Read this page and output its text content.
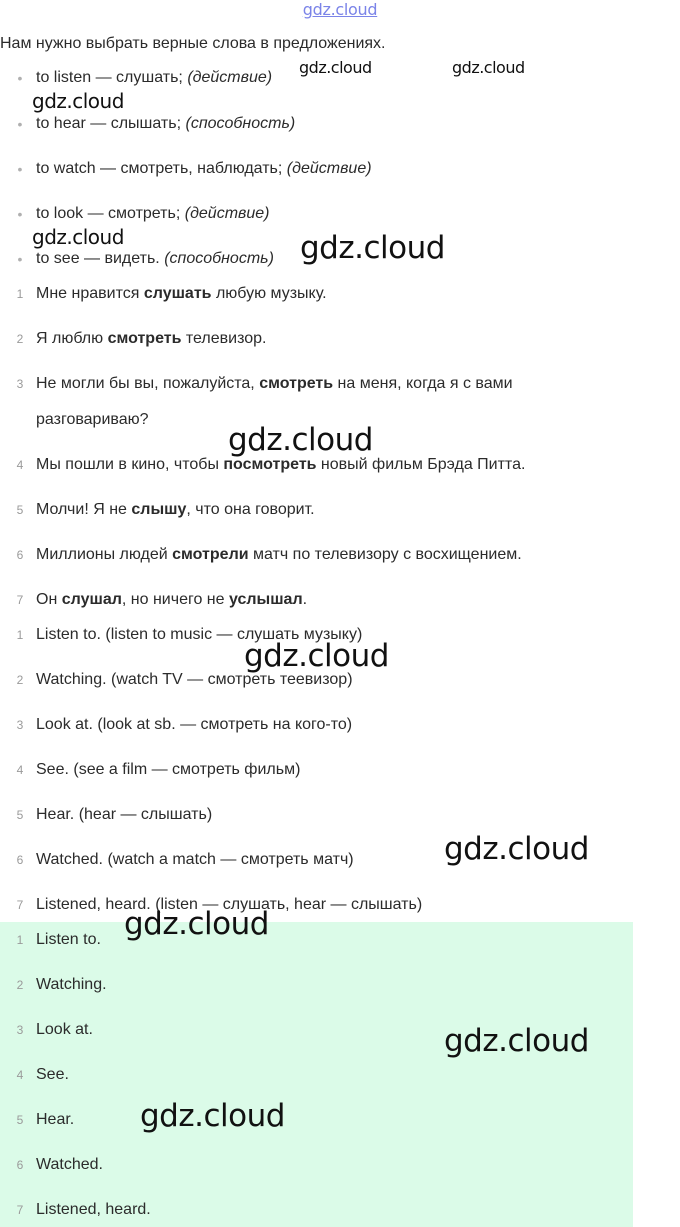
gdz.cloud
Нам нужно выбрать верные слова в предложениях.
• to listen — слушать; (действие)
• to hear — слышать; (способность)
• to watch — смотреть, наблюдать; (действие)
• to look — смотреть; (действие)
• to see — видеть. (способность)
1 Мне нравится слушать любую музыку.
2 Я люблю смотреть телевизор.
3 Не могли бы вы, пожалуйста, смотреть на меня, когда я с вами
разговариваю?
4 Мы пошли в кино, чтобы посмотреть новый фильм Брэда Питта.
5 Молчи! Я не слышу, что она говорит.
6 Миллионы людей смотрели матч по телевизору с восхищением.
7 Он слушал, но ничего не услышал.
1 Listen to. (listen to music — слушать музыку)
2 Watching. (watch TV — смотреть теевизор)
3 Look at. (look at sb. — смотреть на кого-то)
4 See. (see a film — смотреть фильм)
5 Hear. (hear — слышать)
6 Watched. (watch a match — смотреть матч)
7 Listened, heard. (listen — слушать, hear — слышать)
1 Listen to.
2 Watching.
3 Look at.
4 See.
5 Hear.
6 Watched.
7 Listened, heard.
gdz.cloud	gdz.cloud
gdz.cloud
gdz.cloud	gdz.cloud
gdz.cloud
gdz.cloud
gdz.cloud
gdz.cloud
gdz.cloud
gdz.cloud
